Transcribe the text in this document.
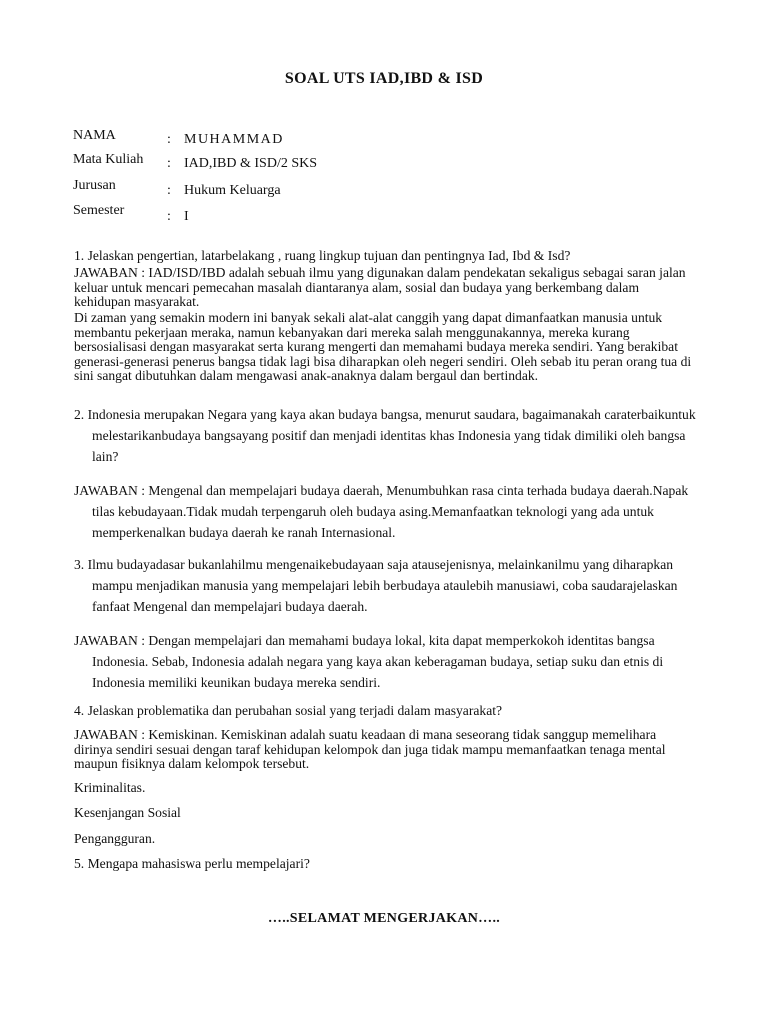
SOAL UTS IAD,IBD & ISD
NAMA	: MUHAMMAD
Mata Kuliah : IAD,IBD & ISD/2 SKS
Jurusan	: Hukum Keluarga
Semester	: I
1. Jelaskan pengertian, latarbelakang , ruang lingkup tujuan dan pentingnya Iad, Ibd & Isd?
JAWABAN : IAD/ISD/IBD adalah sebuah ilmu yang digunakan dalam pendekatan sekaligus sebagai saran jalan keluar untuk mencari pemecahan masalah diantaranya alam, sosial dan budaya yang berkembang dalam kehidupan masyarakat.
Di zaman yang semakin modern ini banyak sekali alat-alat canggih yang dapat dimanfaatkan manusia untuk membantu pekerjaan meraka, namun kebanyakan dari mereka salah menggunakannya, mereka kurang bersosialisasi dengan masyarakat serta kurang mengerti dan memahami budaya mereka sendiri. Yang berakibat generasi-generasi penerus bangsa tidak lagi bisa diharapkan oleh negeri sendiri. Oleh sebab itu peran orang tua di sini sangat dibutuhkan dalam mengawasi anak-anaknya dalam bergaul dan bertindak.
2. Indonesia merupakan Negara yang kaya akan budaya bangsa, menurut saudara, bagaimanakah caraterbaikuntuk melestarikanbudaya bangsayang positif dan menjadi identitas khas Indonesia yang tidak dimiliki oleh bangsa lain?
JAWABAN : Mengenal dan mempelajari budaya daerah, Menumbuhkan rasa cinta terhada budaya daerah.Napak tilas kebudayaan.Tidak mudah terpengaruh oleh budaya asing.Memanfaatkan teknologi yang ada untuk memperkenalkan budaya daerah ke ranah Internasional.
3. Ilmu budayadasar bukanlahilmu mengenaikebudayaan saja atausejenisnya, melainkanilmu yang diharapkan mampu menjadikan manusia yang mempelajari lebih berbudaya ataulebih manusiawi, coba saudarajelaskan fanfaat Mengenal dan mempelajari budaya daerah.
JAWABAN : Dengan mempelajari dan memahami budaya lokal, kita dapat memperkokoh identitas bangsa Indonesia. Sebab, Indonesia adalah negara yang kaya akan keberagaman budaya, setiap suku dan etnis di Indonesia memiliki keunikan budaya mereka sendiri.
4. Jelaskan problematika dan perubahan sosial yang terjadi dalam masyarakat?
JAWABAN : Kemiskinan. Kemiskinan adalah suatu keadaan di mana seseorang tidak sanggup memelihara dirinya sendiri sesuai dengan taraf kehidupan kelompok dan juga tidak mampu memanfaatkan tenaga mental maupun fisiknya dalam kelompok tersebut.
Kriminalitas.
Kesenjangan Sosial
Pengangguran.
5. Mengapa mahasiswa perlu mempelajari?
…..SELAMAT MENGERJAKAN…..
